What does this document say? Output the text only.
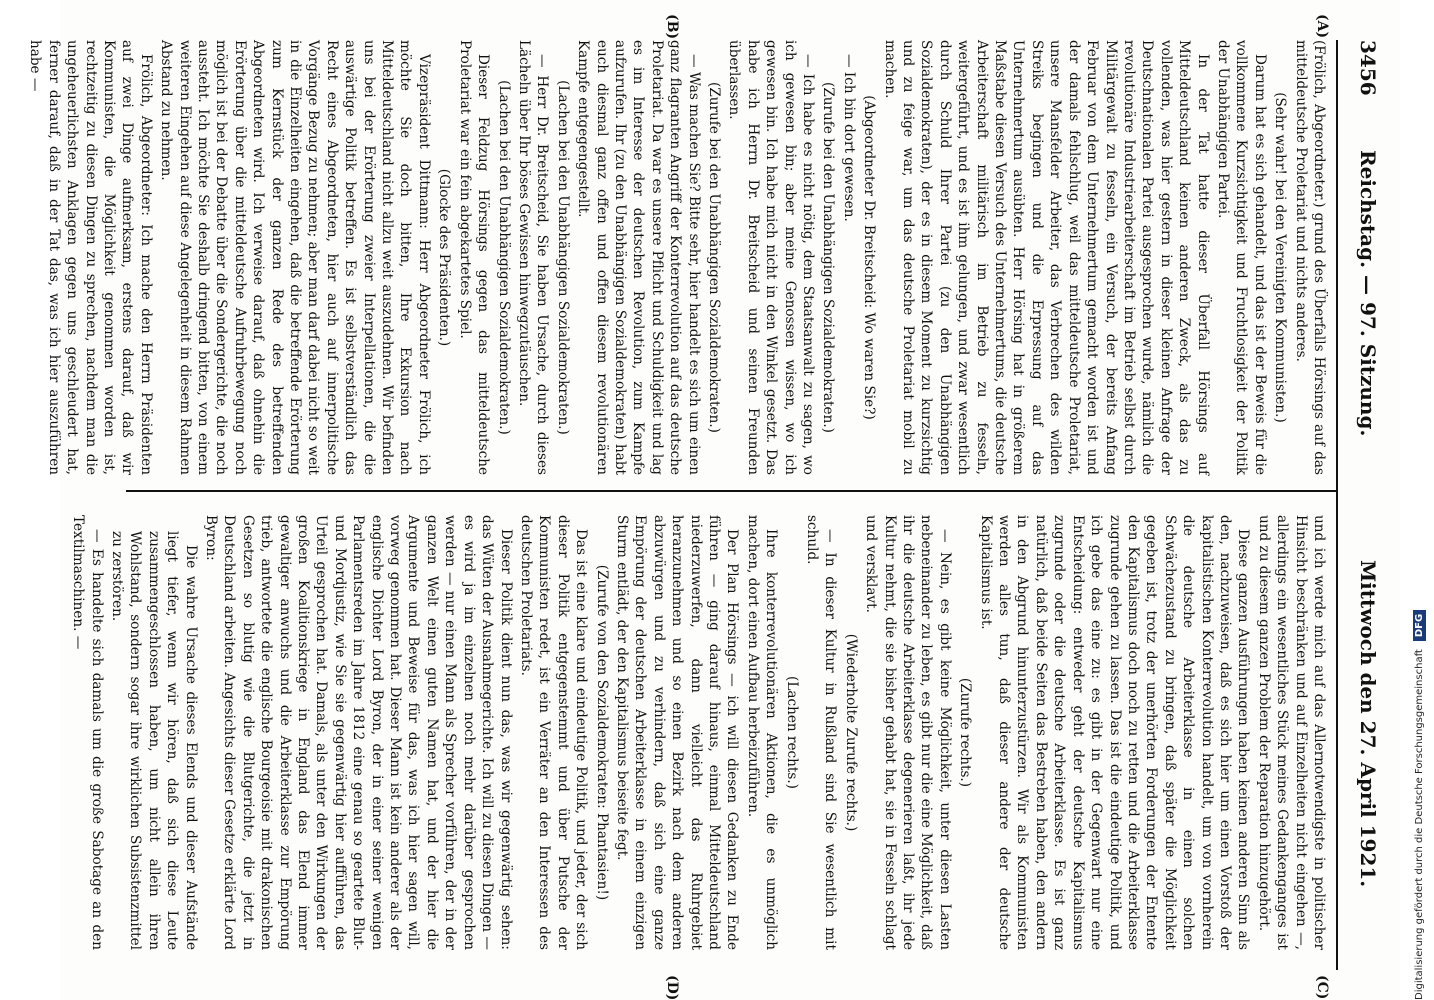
3456
Reichstag. — 97. Sitzung.
Mittwoch den 27. April 1921.
(A)
(B)
(C)
(D)

(Frölich, Abgeordneter.) grund des Überfalls Hörsings auf das mitteldeutsche Proletariat und nichts anderes.

(Sehr wahr! bei den Vereinigten Kommunisten.)

Darum hat es sich gehandelt, und das ist der Beweis für die vollkommene Kurzsichtigkeit und Fruchtlosigkeit der Politik der Unabhängigen Partei.

In der Tat hatte dieser Überfall Hörsings auf Mitteldeutschland keinen anderen Zweck, als das zu vollenden, was hier gestern in dieser kleinen Anfrage der Deutschnationalen Partei ausgesprochen wurde, nämlich die revolutionäre Industriearbeiterschaft im Betrieb selbst durch Militärgewalt zu fesseln, ein Versuch, der bereits Anfang Februar von dem Unternehmertum gemacht worden ist und der damals fehlschlug, weil das mitteldeutsche Proletariat, unsere Mansfelder Arbeiter, das Verbrechen des wilden Streiks begingen und die Erpressung auf das Unternehmertum ausübten. Herr Hörsing hat in größerem Maßstabe diesen Versuch des Unternehmertums, die deutsche Arbeiterschaft militärisch im Betrieb zu fesseln, weitergeführt, und es ist ihm gelungen, und zwar wesentlich durch Schuld Ihrer Partei (zu den Unabhängigen Sozialdemokraten), der es in diesem Moment zu kurzsichtig und zu feige war, um das deutsche Proletariat mobil zu machen.

(Abgeordneter Dr. Breitscheid: Wo waren Sie?)

— Ich bin dort gewesen.

(Zurufe bei den Unabhängigen Sozialdemokraten.)

— Ich habe es nicht nötig, dem Staatsanwalt zu sagen, wo ich gewesen bin; aber meine Genossen wissen, wo ich gewesen bin. Ich habe mich nicht in den Winkel gesetzt. Das habe ich Herrn Dr. Breitscheid und seinen Freunden überlassen.

(Zurufe bei den Unabhängigen Sozialdemokraten.)

— Was machen Sie? Bitte sehr, hier handelt es sich um einen ganz flagranten Angriff der Konterrevolution auf das deutsche Proletariat. Da war es unsere Pflicht und Schuldigkeit und lag es im Interesse der deutschen Revolution, zum Kampfe aufzurufen. Ihr (zu den Unabhängigen Sozialdemokraten) habt euch diesmal ganz offen und offen diesem revolutionären Kampfe entgegengestellt.

(Lachen bei den Unabhängigen Sozialdemokraten.)

— Herr Dr. Breitscheid, Sie haben Ursache, durch dieses Lächeln über Ihr böses Gewissen hinwegzutäuschen.

(Lachen bei den Unabhängigen Sozialdemokraten.)

Dieser Feldzug Hörsings gegen das mitteldeutsche Proletariat war ein fein abgekartetes Spiel.

(Glocke des Präsidenten.)

Vizepräsident Dittmann: Herr Abgeordneter Frölich, ich möchte Sie doch bitten, Ihre Exkursion nach Mitteldeutschland nicht allzu weit auszudehnen. Wir befinden uns bei der Erörterung zweier Interpellationen, die die auswärtige Politik betreffen. Es ist selbstverständlich das Recht eines Abgeordneten, hier auch auf innerpolitische Vorgänge Bezug zu nehmen; aber man darf dabei nicht so weit in die Einzelheiten eingehen, daß die betreffende Erörterung zum Kernstück der ganzen Rede des betreffenden Abgeordneten wird. Ich verweise darauf, daß ohnehin die Erörterung über die mitteldeutsche Aufruhrbewegung noch möglich ist bei der Debatte über die Sondergerichte, die noch aussteht. Ich möchte Sie deshalb dringend bitten, von einem weiteren Eingehen auf diese Angelegenheit in diesem Rahmen Abstand zu nehmen.

Frölich, Abgeordneter: Ich mache den Herrn Präsidenten auf zwei Dinge aufmerksam, erstens darauf, daß wir Kommunisten, die Möglichkeit genommen worden ist, rechtzeitig zu diesen Dingen zu sprechen, nachdem man die ungeheuerlichsten Anklagen gegen uns geschleudert hat, ferner darauf, daß in der Tat das, was ich hier auszuführen habe —

und ich werde mich auf das Allernotwendigste in politischer Hinsicht beschränken und auf Einzelheiten nicht eingehen —, allerdings ein wesentliches Stück meines Gedankenganges ist und zu diesem ganzen Problem der Reparation hinzugehört.

Diese ganzen Ausführungen haben keinen anderen Sinn als den, nachzuweisen, daß es sich hier um einen Vorstoß der kapitalistischen Konterrevolution handelt, um von vornherein die deutsche Arbeiterklasse in einen solchen Schwächezustand zu bringen, daß später die Möglichkeit gegeben ist, trotz der unerhörten Forderungen der Entente den Kapitalismus doch noch zu retten und die Arbeiterklasse zugrunde gehen zu lassen. Das ist die eindeutige Politik, und ich gebe das eine zu: es gibt in der Gegenwart nur eine Entscheidung: entweder geht der deutsche Kapitalismus zugrunde oder die deutsche Arbeiterklasse. Es ist ganz natürlich, daß beide Seiten das Bestreben haben, den andern in den Abgrund hinunterzustürzen. Wir als Kommunisten werden alles tun, daß dieser andere der deutsche Kapitalismus ist.

(Zurufe rechts.)

— Nein, es gibt keine Möglichkeit, unter diesen Lasten nebeneinander zu leben, es gibt nur die eine Möglichkeit, daß ihr die deutsche Arbeiterklasse degenerieren laßt, ihr jede Kultur nehmt, die sie bisher gehabt hat, sie in Fesseln schlagt und versklavt.

(Wiederholte Zurufe rechts.)

— In dieser Kultur in Rußland sind Sie wesentlich mit schuld.

(Lachen rechts.)

Ihre konterrevolutionären Aktionen, die es unmöglich machen, dort einen Aufbau herbeizuführen.

Der Plan Hörsings — ich will diesen Gedanken zu Ende führen — ging darauf hinaus, einmal Mitteldeutschland niederzuwerfen, dann vielleicht das Ruhrgebiet heranzunehmen und so einen Bezirk nach dem anderen abzuwürgen und zu verhindern, daß sich eine ganze Empörung der deutschen Arbeiterklasse in einem einzigen Sturm entlädt, der den Kapitalismus beiseite fegt.

(Zurufe von den Sozialdemokraten: Phantasien!)

Das ist eine klare und eindeutige Politik, und jeder, der sich dieser Politik entgegenstemmt und über Putsche der Kommunisten redet, ist ein Verräter an den Interessen des deutschen Proletariats.

Dieser Politik dient nun das, was wir gegenwärtig sehen: das Wüten der Ausnahmegerichte. Ich will zu diesen Dingen — es wird ja im einzelnen noch mehr darüber gesprochen werden — nur einen Mann als Sprecher vorführen, der in der ganzen Welt einen guten Namen hat, und der hier die Argumente und Beweise für das, was ich hier sagen will, vorweg genommen hat. Dieser Mann ist kein anderer als der englische Dichter Lord Byron, der in einer seiner wenigen Parlamentsreden im Jahre 1812 eine genau so geartete Blut- und Mordjustiz, wie Sie sie gegenwärtig hier aufführen, das Urteil gesprochen hat. Damals, als unter den Wirkungen der großen Koalitionskriege in England das Elend immer gewaltiger anwuchs und die Arbeiterklasse zur Empörung trieb, antwortete die englische Bourgeoisie mit drakonischen Gesetzen so blutig wie die Blutgerichte, die jetzt in Deutschland arbeiten. Angesichts dieser Gesetze erklärte Lord Byron:

Die wahre Ursache dieses Elends und dieser Aufstände liegt tiefer, wenn wir hören, daß sich diese Leute zusammengeschlossen haben, um nicht allein ihren Wohlstand, sondern sogar ihre wirklichen Subsistenzmittel zu zerstören.

— Es handelte sich damals um die große Sabotage an den Textilmaschinen. —

Digitalisierung gefördert durch die Deutsche Forschungsgemeinschaft
DFG
